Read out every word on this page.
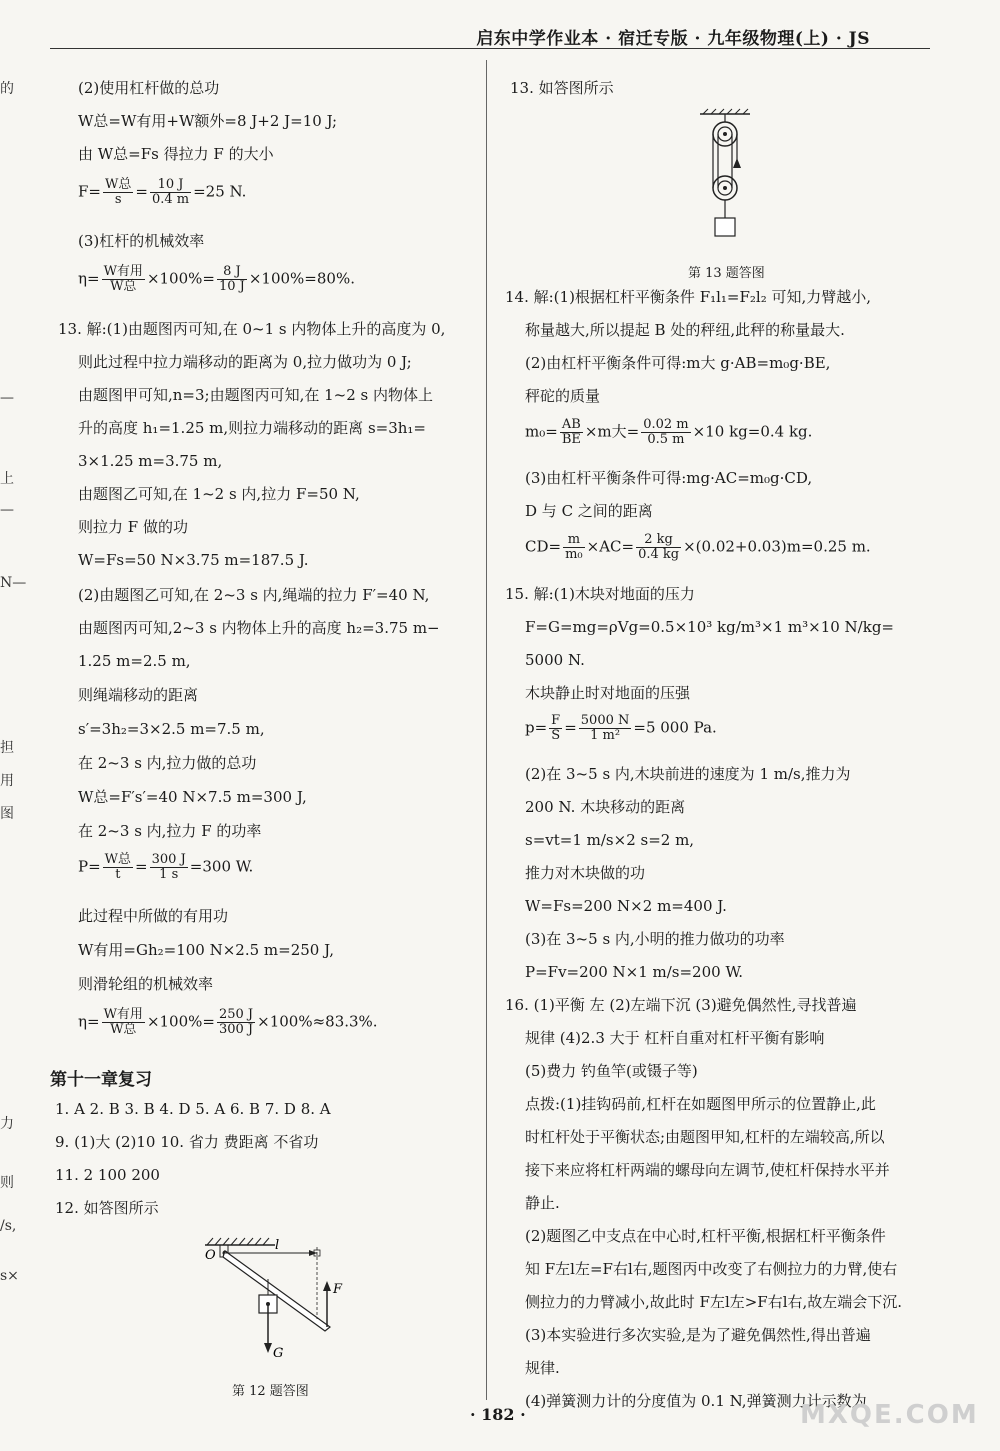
启东中学作业本 · 宿迁专版 · 九年级物理(上) · JS
的
—
上
—
N—
担
用
图
力
则
/s,
s×
(2)使用杠杆做的总功
W总=W有用+W额外=8 J+2 J=10 J;
由 W总=Fs 得拉力 F 的大小
$F= \frac{\text{W总}}{s} = \frac{10 J}{0.4 m} =25$ N.
(3)杠杆的机械效率
$\eta= \frac{\text{W有用}}{\text{W总}} \times 100\%= \frac{8 J}{10 J} \times 100\%=80\%$.
13. 解:(1)由题图丙可知,在 0~1 s 内物体上升的高度为 0,
则此过程中拉力端移动的距离为 0,拉力做功为 0 J;
由题图甲可知,n=3;由题图丙可知,在 1~2 s 内物体上
升的高度 h₁=1.25 m,则拉力端移动的距离 s=3h₁=
3×1.25 m=3.75 m,
由题图乙可知,在 1~2 s 内,拉力 F=50 N,
则拉力 F 做的功
W=Fs=50 N×3.75 m=187.5 J.
(2)由题图乙可知,在 2~3 s 内,绳端的拉力 F′=40 N,
由题图丙可知,2~3 s 内物体上升的高度 h₂=3.75 m−
1.25 m=2.5 m,
则绳端移动的距离
s′=3h₂=3×2.5 m=7.5 m,
在 2~3 s 内,拉力做的总功
W总=F′s′=40 N×7.5 m=300 J,
在 2~3 s 内,拉力 F 的功率
$P= \frac{\text{W总}}{t} = \frac{300 J}{1 s} =300$ W.
此过程中所做的有用功
W有用=Gh₂=100 N×2.5 m=250 J,
则滑轮组的机械效率
$\eta= \frac{\text{W有用}}{\text{W总}} \times 100\%= \frac{250 J}{300 J} \times 100\%\approx 83.3\%$.
第十一章复习
1. A 2. B 3. B 4. D 5. A 6. B 7. D 8. A
9. (1)大 (2)10 10. 省力 费距离 不省功
11. 2 100 200
12. 如答图所示
O
l
F
G
第 12 题答图
13. 如答图所示
第 13 题答图
14. 解:(1)根据杠杆平衡条件 F₁l₁=F₂l₂ 可知,力臂越小,
称量越大,所以提起 B 处的秤纽,此秤的称量最大.
(2)由杠杆平衡条件可得:m大 g·AB=m₀g·BE,
秤砣的质量
$m_0= \frac{AB}{BE} \times m$大= $\frac{0.02 m}{0.5 m} \times 10$ kg=0.4 kg.
(3)由杠杆平衡条件可得:mg·AC=m₀g·CD,
D 与 C 之间的距离
$CD= \frac{m}{\text{m₀}} \times AC= \frac{2 kg}{0.4 kg} \times(0.02+0.03)m=0.25$ m.
15. 解:(1)木块对地面的压力
F=G=mg=ρVg=0.5×10³ kg/m³×1 m³×10 N/kg=
5000 N.
木块静止时对地面的压强
$p= \frac{F}{S} = \frac{5000 N}{\text{1 m²}} =5$ 000 Pa.
(2)在 3~5 s 内,木块前进的速度为 1 m/s,推力为
200 N. 木块移动的距离
s=vt=1 m/s×2 s=2 m,
推力对木块做的功
W=Fs=200 N×2 m=400 J.
(3)在 3~5 s 内,小明的推力做功的功率
P=Fv=200 N×1 m/s=200 W.
16. (1)平衡 左 (2)左端下沉 (3)避免偶然性,寻找普遍
规律 (4)2.3 大于 杠杆自重对杠杆平衡有影响
(5)费力 钓鱼竿(或镊子等)
点拨:(1)挂钩码前,杠杆在如题图甲所示的位置静止,此
时杠杆处于平衡状态;由题图甲知,杠杆的左端较高,所以
接下来应将杠杆两端的螺母向左调节,使杠杆保持水平并
静止.
(2)题图乙中支点在中心时,杠杆平衡,根据杠杆平衡条件
知 F左l左=F右l右,题图丙中改变了右侧拉力的力臂,使右
侧拉力的力臂减小,故此时 F左l左>F右l右,故左端会下沉.
(3)本实验进行多次实验,是为了避免偶然性,得出普遍
规律.
(4)弹簧测力计的分度值为 0.1 N,弹簧测力计示数为
· 182 ·	MXQE.COM
